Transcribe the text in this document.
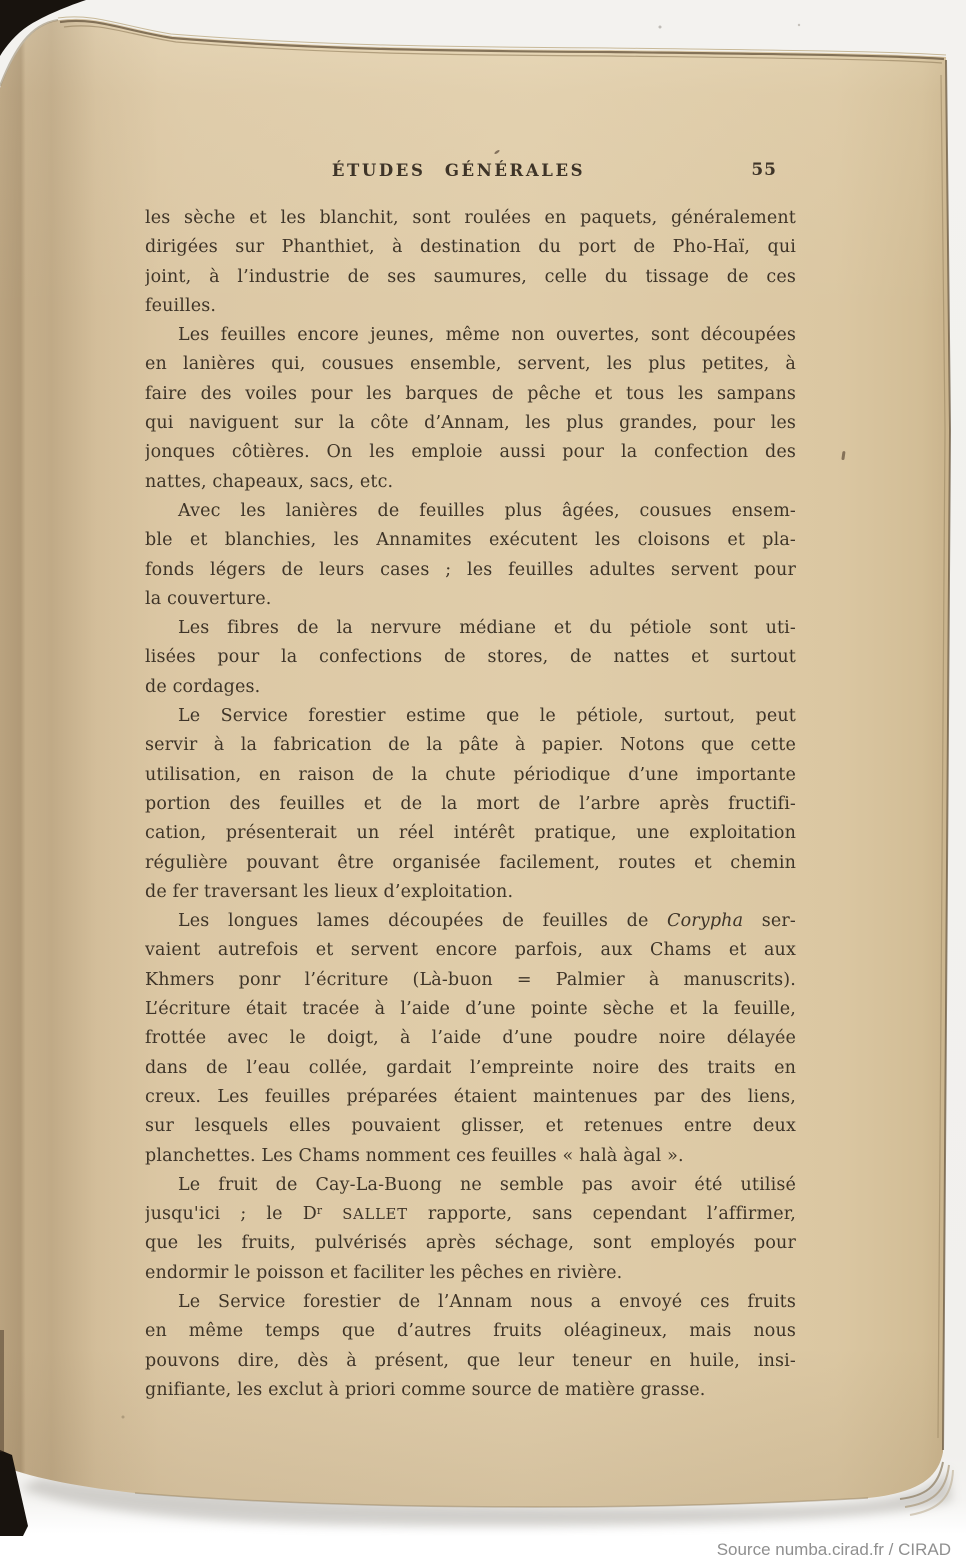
ÉTUDES GÉNÉRALES	55
les sèche et les blanchit, sont roulées en paquets, généralement
dirigées sur Phanthiet, à destination du port de Pho-Haï, qui
joint, à l’industrie de ses saumures, celle du tissage de ces
feuilles.
Les feuilles encore jeunes, même non ouvertes, sont découpées
en lanières qui, cousues ensemble, servent, les plus petites, à
faire des voiles pour les barques de pêche et tous les sampans
qui naviguent sur la côte d’Annam, les plus grandes, pour les
jonques côtières. On les emploie aussi pour la confection des
nattes, chapeaux, sacs, etc.
Avec les lanières de feuilles plus âgées, cousues ensem-
ble et blanchies, les Annamites exécutent les cloisons et pla-
fonds légers de leurs cases ; les feuilles adultes servent pour
la couverture.
Les fibres de la nervure médiane et du pétiole sont uti-
lisées pour la confections de stores, de nattes et surtout
de cordages.
Le Service forestier estime que le pétiole, surtout, peut
servir à la fabrication de la pâte à papier. Notons que cette
utilisation, en raison de la chute périodique d’une importante
portion des feuilles et de la mort de l’arbre après fructifi-
cation, présenterait un réel intérêt pratique, une exploitation
régulière pouvant être organisée facilement, routes et chemin
de fer traversant les lieux d’exploitation.
Les longues lames découpées de feuilles de Corypha ser-
vaient autrefois et servent encore parfois, aux Chams et aux
Khmers ponr l’écriture (Là-buon = Palmier à manuscrits).
L’écriture était tracée à l’aide d’une pointe sèche et la feuille,
frottée avec le doigt, à l’aide d’une poudre noire délayée
dans de l’eau collée, gardait l’empreinte noire des traits en
creux. Les feuilles préparées étaient maintenues par des liens,
sur lesquels elles pouvaient glisser, et retenues entre deux
planchettes. Les Chams nomment ces feuilles « halà àgal ».
Le fruit de Cay-La-Buong ne semble pas avoir été utilisé
jusqu'ici ; le $D^r$ SALLET rapporte, sans cependant l’affirmer,
que les fruits, pulvérisés après séchage, sont employés pour
endormir le poisson et faciliter les pêches en rivière.
Le Service forestier de l’Annam nous a envoyé ces fruits
en même temps que d’autres fruits oléagineux, mais nous
pouvons dire, dès à présent, que leur teneur en huile, insi-
gnifiante, les exclut à priori comme source de matière grasse.
Source numba.cirad.fr / CIRAD
